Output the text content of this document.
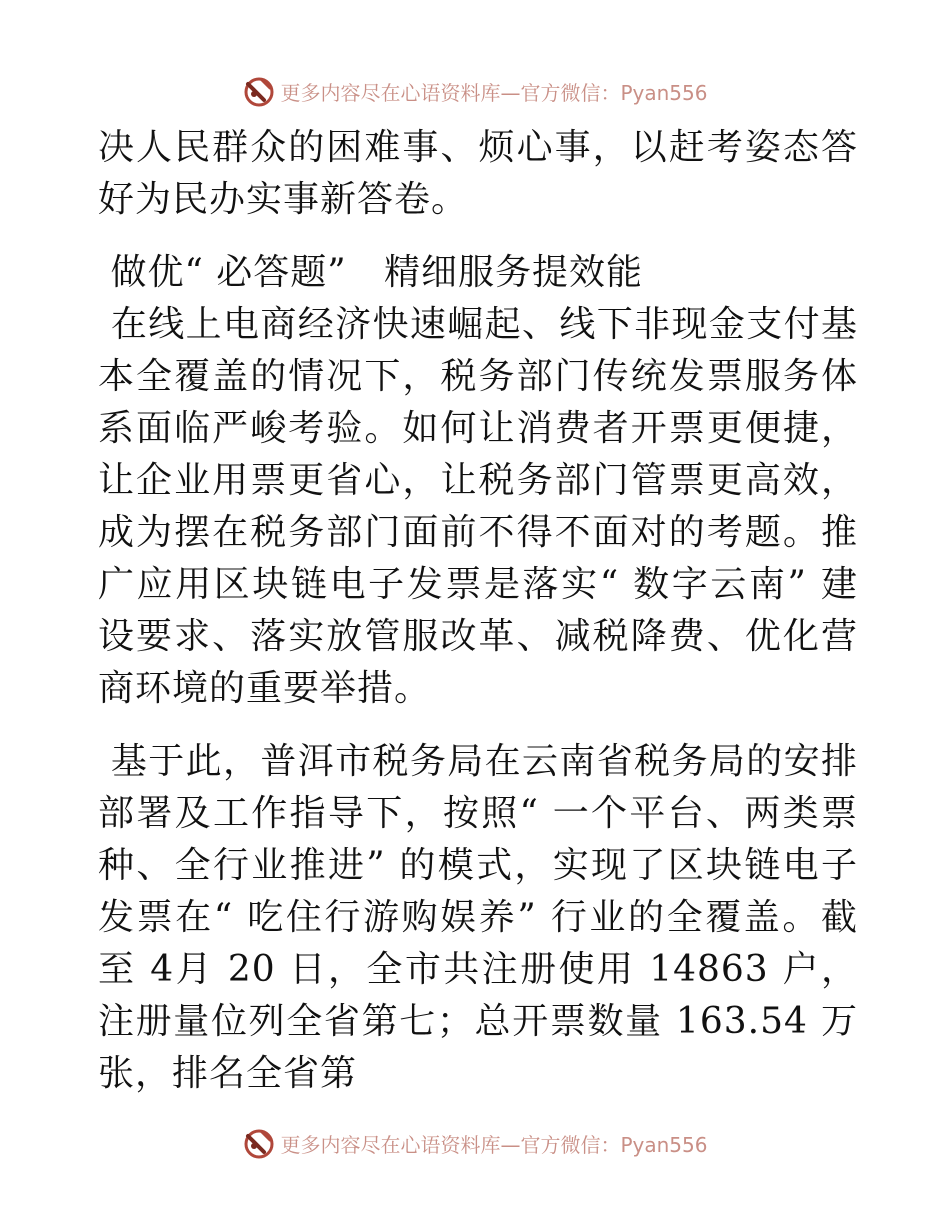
更多内容尽在心语资料库—官方微信：Pyan556

决人民群众的困难事、烦心事，以赶考姿态答好为民办实事新答卷。

做优“ 必答题”   精细服务提效能

在线上电商经济快速崛起、线下非现金支付基本全覆盖的情况下，税务部门传统发票服务体系面临严峻考验。如何让消费者开票更便捷，让企业用票更省心，让税务部门管票更高效，成为摆在税务部门面前不得不面对的考题。推广应用区块链电子发票是落实“ 数字云南” 建设要求、落实放管服改革、减税降费、优化营商环境的重要举措。

基于此，普洱市税务局在云南省税务局的安排部署及工作指导下，按照“ 一个平台、两类票种、全行业推进” 的模式，实现了区块链电子发票在“ 吃住行游购娱养” 行业的全覆盖。截至 4月 20 日，全市共注册使用 14863 户，注册量位列全省第七；总开票数量 163.54 万张，排名全省第

更多内容尽在心语资料库—官方微信：Pyan556
